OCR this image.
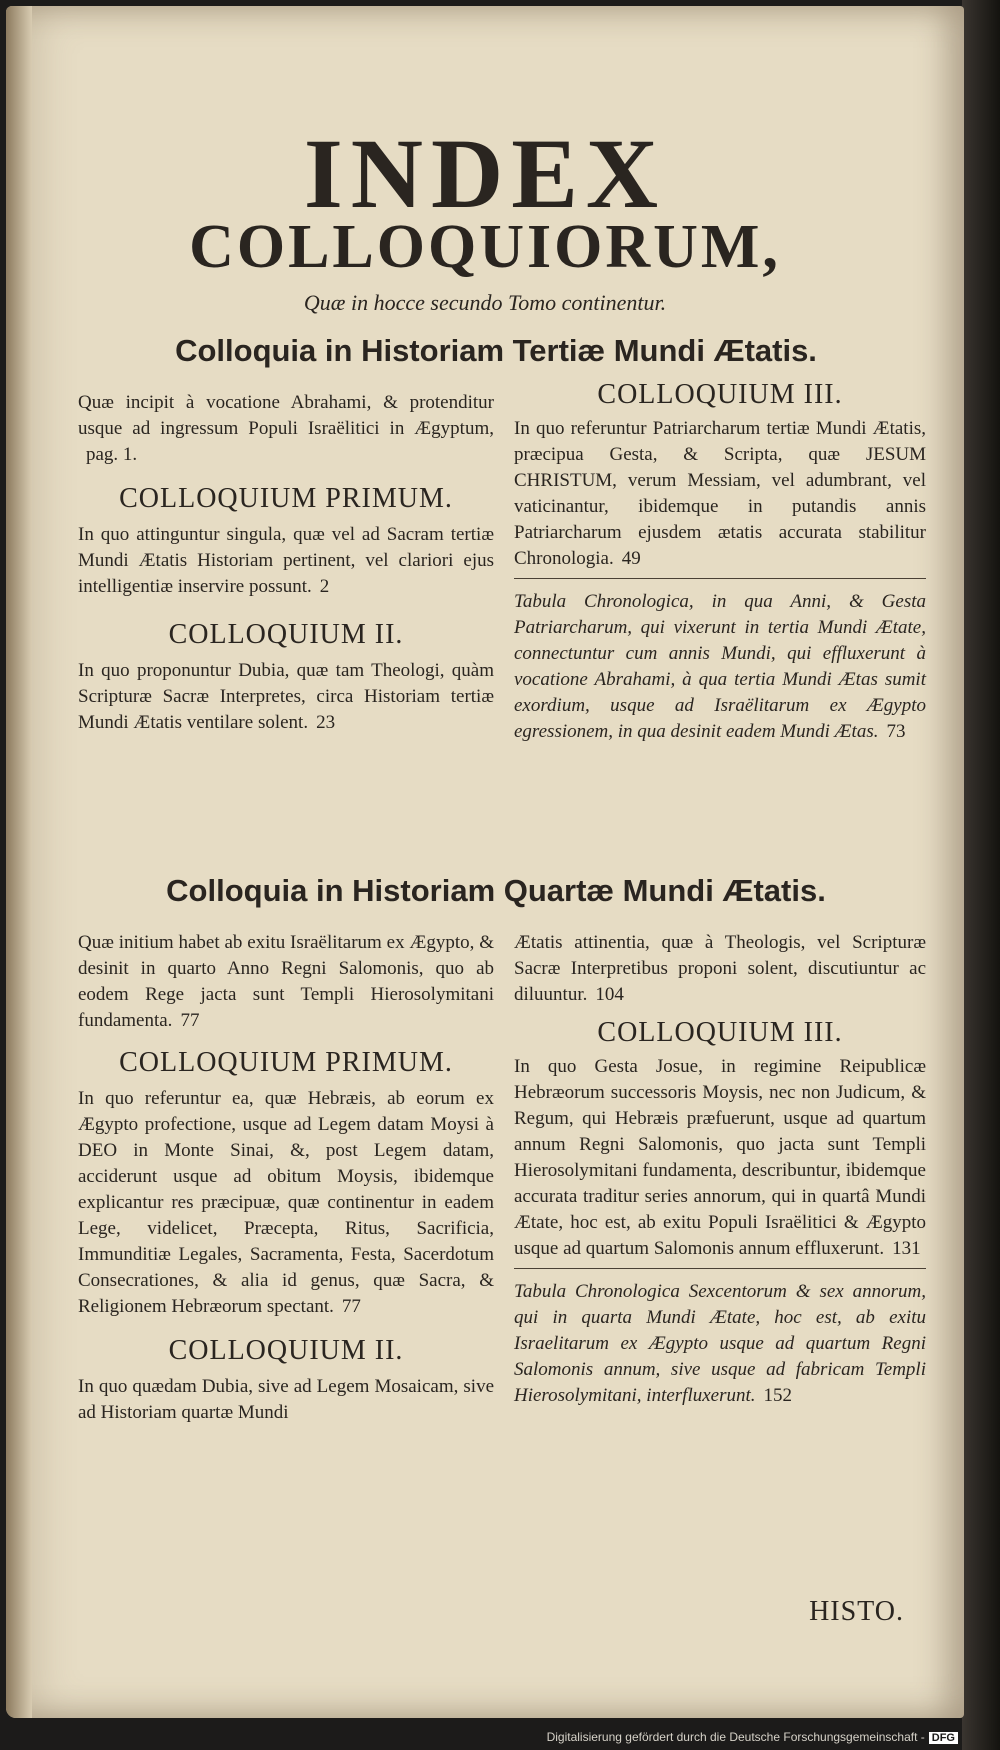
INDEX
COLLOQUIORUM,

Quæ in hocce secundo Tomo continentur.

Colloquia in Historiam Tertiæ Mundi Ætatis.

Quæ incipit à vocatione Abrahami, & protenditur usque ad ingressum Populi Israëlitici in Ægyptum,pag. 1.

COLLOQUIUM PRIMUM.

In quo attinguntur singula, quæ vel ad Sacram tertiæ Mundi Ætatis Historiam pertinent, vel clariori ejus intelligentiæ inservire possunt. 2

COLLOQUIUM II.

In quo proponuntur Dubia, quæ tam Theologi, quàm Scripturæ Sacræ Interpretes, circa Historiam tertiæ Mundi Ætatis ventilare solent. 23

COLLOQUIUM III.

In quo referuntur Patriarcharum tertiæ Mundi Ætatis, præcipua Gesta, & Scripta, quæ JESUM CHRISTUM, verum Messiam, vel adumbrant, vel vaticinantur, ibidemque in putandis annis Patriarcharum ejusdem ætatis accurata stabilitur Chronologia. 49

Tabula Chronologica, in qua Anni, & Gesta Patriarcharum, qui vixerunt in tertia Mundi Ætate, connectuntur cum annis Mundi, qui effluxerunt à vocatione Abrahami, à qua tertia Mundi Ætas sumit exordium, usque ad Israëlitarum ex Ægypto egressionem, in qua desinit eadem Mundi Ætas. 73

Colloquia in Historiam Quartæ Mundi Ætatis.

Quæ initium habet ab exitu Israëlitarum ex Ægypto, & desinit in quarto Anno Regni Salomonis, quo ab eodem Rege jacta sunt Templi Hierosolymitani fundamenta. 77

COLLOQUIUM PRIMUM.

In quo referuntur ea, quæ Hebræis, ab eorum ex Ægypto profectione, usque ad Legem datam Moysi à DEO in Monte Sinai, &, post Legem datam, acciderunt usque ad obitum Moysis, ibidemque explicantur res præcipuæ, quæ continentur in eadem Lege, videlicet, Præcepta, Ritus, Sacrificia, Immunditiæ Legales, Sacramenta, Festa, Sacerdotum Consecrationes, & alia id genus, quæ Sacra, & Religionem Hebræorum spectant. 77

COLLOQUIUM II.

In quo quædam Dubia, sive ad Legem Mosaicam, sive ad Historiam quartæ Mundi

Ætatis attinentia, quæ à Theologis, vel Scripturæ Sacræ Interpretibus proponi solent, discutiuntur ac diluuntur. 104

COLLOQUIUM III.

In quo Gesta Josue, in regimine Reipublicæ Hebræorum successoris Moysis, nec non Judicum, & Regum, qui Hebræis præfuerunt, usque ad quartum annum Regni Salomonis, quo jacta sunt Templi Hierosolymitani fundamenta, describuntur, ibidemque accurata traditur series annorum, qui in quartâ Mundi Ætate, hoc est, ab exitu Populi Israëlitici & Ægypto usque ad quartum Salomonis annum effluxerunt. 131

Tabula Chronologica Sexcentorum & sex annorum, qui in quarta Mundi Ætate, hoc est, ab exitu Israelitarum ex Ægypto usque ad quartum Regni Salomonis annum, sive usque ad fabricam Templi Hierosolymitani, interfluxerunt. 152

HISTO.

Digitalisierung gefördert durch die Deutsche Forschungsgemeinschaft - DFG
